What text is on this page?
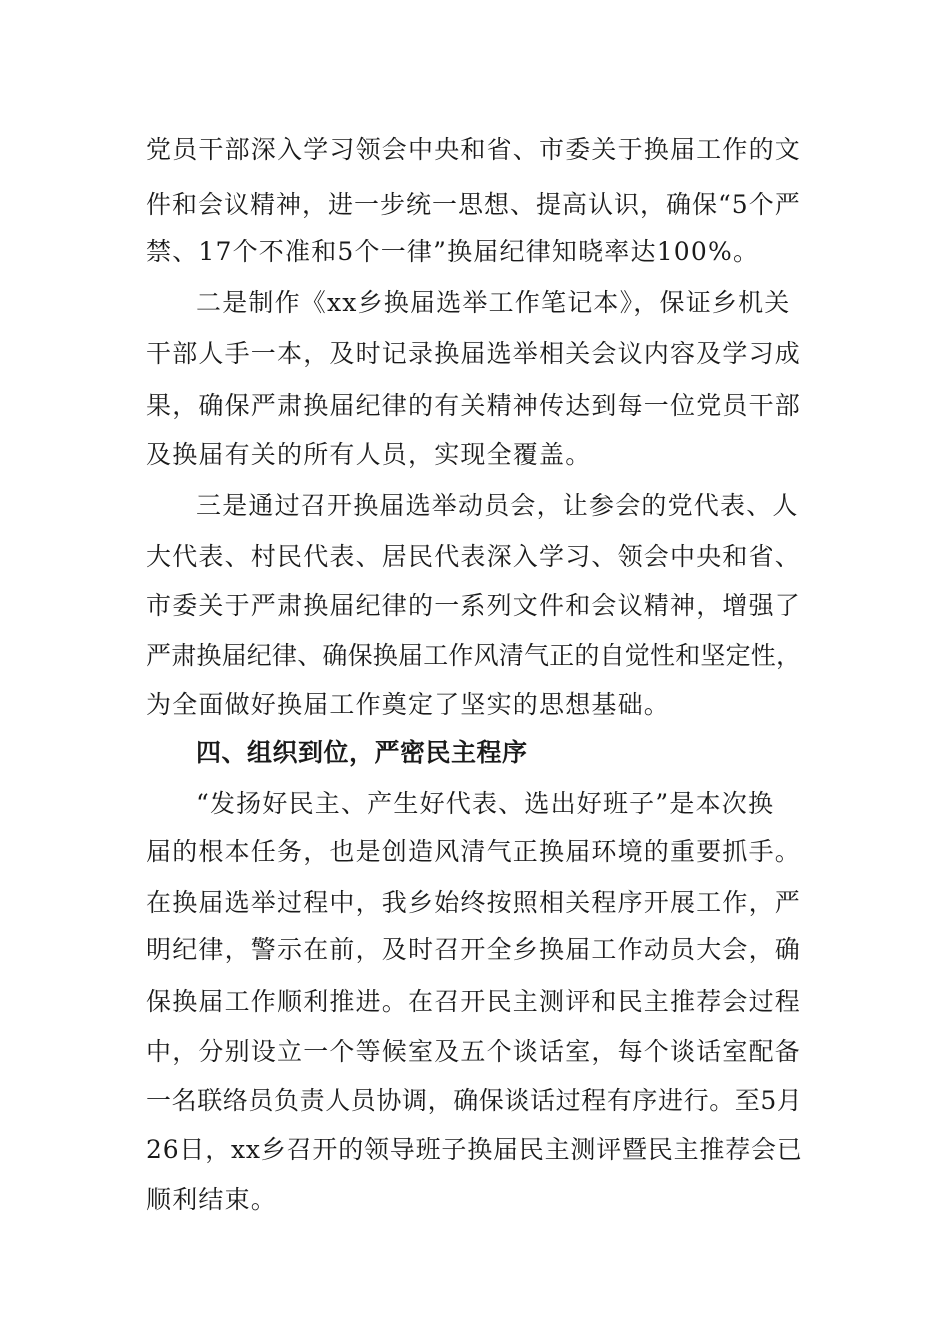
党员干部深入学习领会中央和省、市委关于换届工作的文
件和会议精神，进一步统一思想、提高认识，确保“5个严
禁、17个不准和5个一律”换届纪律知晓率达100%。
二是制作《xx乡换届选举工作笔记本》，保证乡机关
干部人手一本，及时记录换届选举相关会议内容及学习成
果，确保严肃换届纪律的有关精神传达到每一位党员干部
及换届有关的所有人员，实现全覆盖。
三是通过召开换届选举动员会，让参会的党代表、人
大代表、村民代表、居民代表深入学习、领会中央和省、
市委关于严肃换届纪律的一系列文件和会议精神，增强了
严肃换届纪律、确保换届工作风清气正的自觉性和坚定性，
为全面做好换届工作奠定了坚实的思想基础。
四、组织到位，严密民主程序
“发扬好民主、产生好代表、选出好班子”是本次换
届的根本任务，也是创造风清气正换届环境的重要抓手。
在换届选举过程中，我乡始终按照相关程序开展工作，严
明纪律，警示在前，及时召开全乡换届工作动员大会，确
保换届工作顺利推进。在召开民主测评和民主推荐会过程
中，分别设立一个等候室及五个谈话室，每个谈话室配备
一名联络员负责人员协调，确保谈话过程有序进行。至5月
26日，xx乡召开的领导班子换届民主测评暨民主推荐会已
顺利结束。
